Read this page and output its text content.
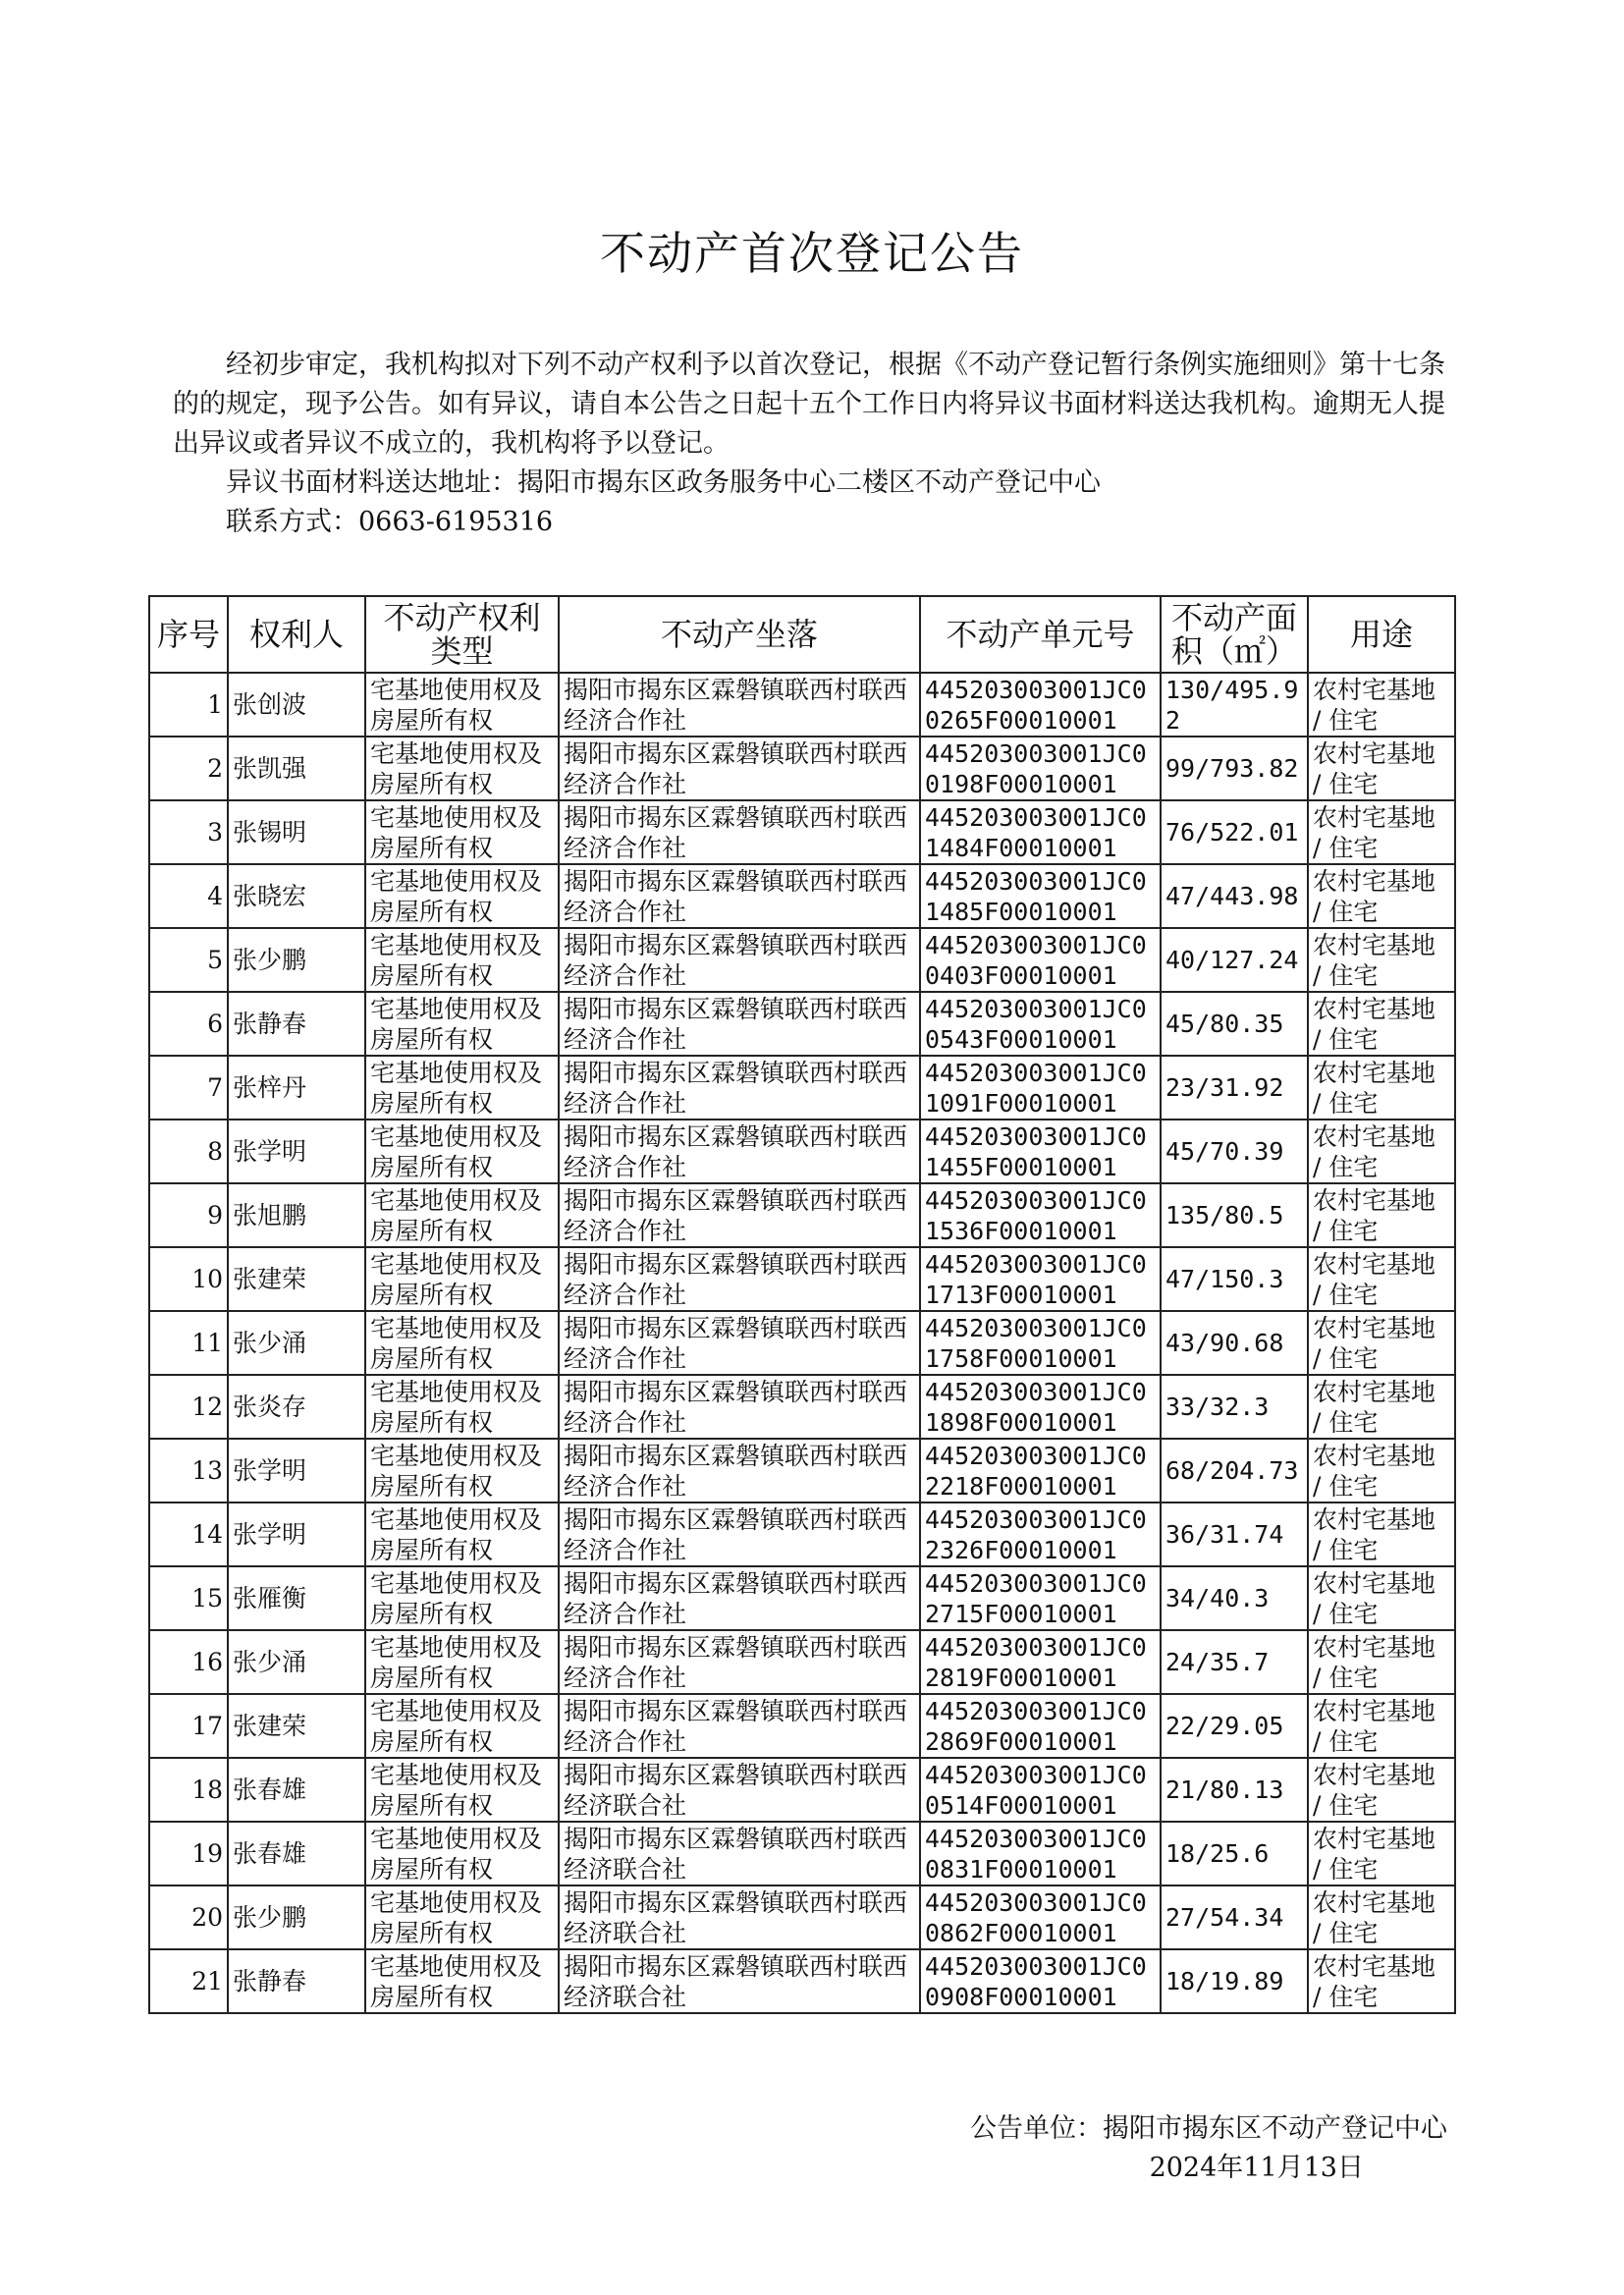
不动产首次登记公告

经初步审定，我机构拟对下列不动产权利予以首次登记，根据《不动产登记暂行条例实施细则》第十七条的的规定，现予公告。如有异议，请自本公告之日起十五个工作日内将异议书面材料送达我机构。逾期无人提出异议或者异议不成立的，我机构将予以登记。

异议书面材料送达地址：揭阳市揭东区政务服务中心二楼区不动产登记中心

联系方式：0663-6195316

序号	权利人	不动产权利类型	不动产坐落	不动产单元号	不动产面积（㎡）	用途
1	张创波	宅基地使用权及房屋所有权	揭阳市揭东区霖磐镇联西村联西经济合作社	445203003001JC00265F00010001	130/495.92	农村宅基地 / 住宅
2	张凯强	宅基地使用权及房屋所有权	揭阳市揭东区霖磐镇联西村联西经济合作社	445203003001JC00198F00010001	99/793.82	农村宅基地 / 住宅
3	张锡明	宅基地使用权及房屋所有权	揭阳市揭东区霖磐镇联西村联西经济合作社	445203003001JC01484F00010001	76/522.01	农村宅基地 / 住宅
4	张晓宏	宅基地使用权及房屋所有权	揭阳市揭东区霖磐镇联西村联西经济合作社	445203003001JC01485F00010001	47/443.98	农村宅基地 / 住宅
5	张少鹏	宅基地使用权及房屋所有权	揭阳市揭东区霖磐镇联西村联西经济合作社	445203003001JC00403F00010001	40/127.24	农村宅基地 / 住宅
6	张静春	宅基地使用权及房屋所有权	揭阳市揭东区霖磐镇联西村联西经济合作社	445203003001JC00543F00010001	45/80.35	农村宅基地 / 住宅
7	张梓丹	宅基地使用权及房屋所有权	揭阳市揭东区霖磐镇联西村联西经济合作社	445203003001JC01091F00010001	23/31.92	农村宅基地 / 住宅
8	张学明	宅基地使用权及房屋所有权	揭阳市揭东区霖磐镇联西村联西经济合作社	445203003001JC01455F00010001	45/70.39	农村宅基地 / 住宅
9	张旭鹏	宅基地使用权及房屋所有权	揭阳市揭东区霖磐镇联西村联西经济合作社	445203003001JC01536F00010001	135/80.5	农村宅基地 / 住宅
10	张建荣	宅基地使用权及房屋所有权	揭阳市揭东区霖磐镇联西村联西经济合作社	445203003001JC01713F00010001	47/150.3	农村宅基地 / 住宅
11	张少涌	宅基地使用权及房屋所有权	揭阳市揭东区霖磐镇联西村联西经济合作社	445203003001JC01758F00010001	43/90.68	农村宅基地 / 住宅
12	张炎存	宅基地使用权及房屋所有权	揭阳市揭东区霖磐镇联西村联西经济合作社	445203003001JC01898F00010001	33/32.3	农村宅基地 / 住宅
13	张学明	宅基地使用权及房屋所有权	揭阳市揭东区霖磐镇联西村联西经济合作社	445203003001JC02218F00010001	68/204.73	农村宅基地 / 住宅
14	张学明	宅基地使用权及房屋所有权	揭阳市揭东区霖磐镇联西村联西经济合作社	445203003001JC02326F00010001	36/31.74	农村宅基地 / 住宅
15	张雁衡	宅基地使用权及房屋所有权	揭阳市揭东区霖磐镇联西村联西经济合作社	445203003001JC02715F00010001	34/40.3	农村宅基地 / 住宅
16	张少涌	宅基地使用权及房屋所有权	揭阳市揭东区霖磐镇联西村联西经济合作社	445203003001JC02819F00010001	24/35.7	农村宅基地 / 住宅
17	张建荣	宅基地使用权及房屋所有权	揭阳市揭东区霖磐镇联西村联西经济合作社	445203003001JC02869F00010001	22/29.05	农村宅基地 / 住宅
18	张春雄	宅基地使用权及房屋所有权	揭阳市揭东区霖磐镇联西村联西经济联合社	445203003001JC00514F00010001	21/80.13	农村宅基地 / 住宅
19	张春雄	宅基地使用权及房屋所有权	揭阳市揭东区霖磐镇联西村联西经济联合社	445203003001JC00831F00010001	18/25.6	农村宅基地 / 住宅
20	张少鹏	宅基地使用权及房屋所有权	揭阳市揭东区霖磐镇联西村联西经济联合社	445203003001JC00862F00010001	27/54.34	农村宅基地 / 住宅
21	张静春	宅基地使用权及房屋所有权	揭阳市揭东区霖磐镇联西村联西经济联合社	445203003001JC00908F00010001	18/19.89	农村宅基地 / 住宅
公告单位：揭阳市揭东区不动产登记中心
2024年11月13日
